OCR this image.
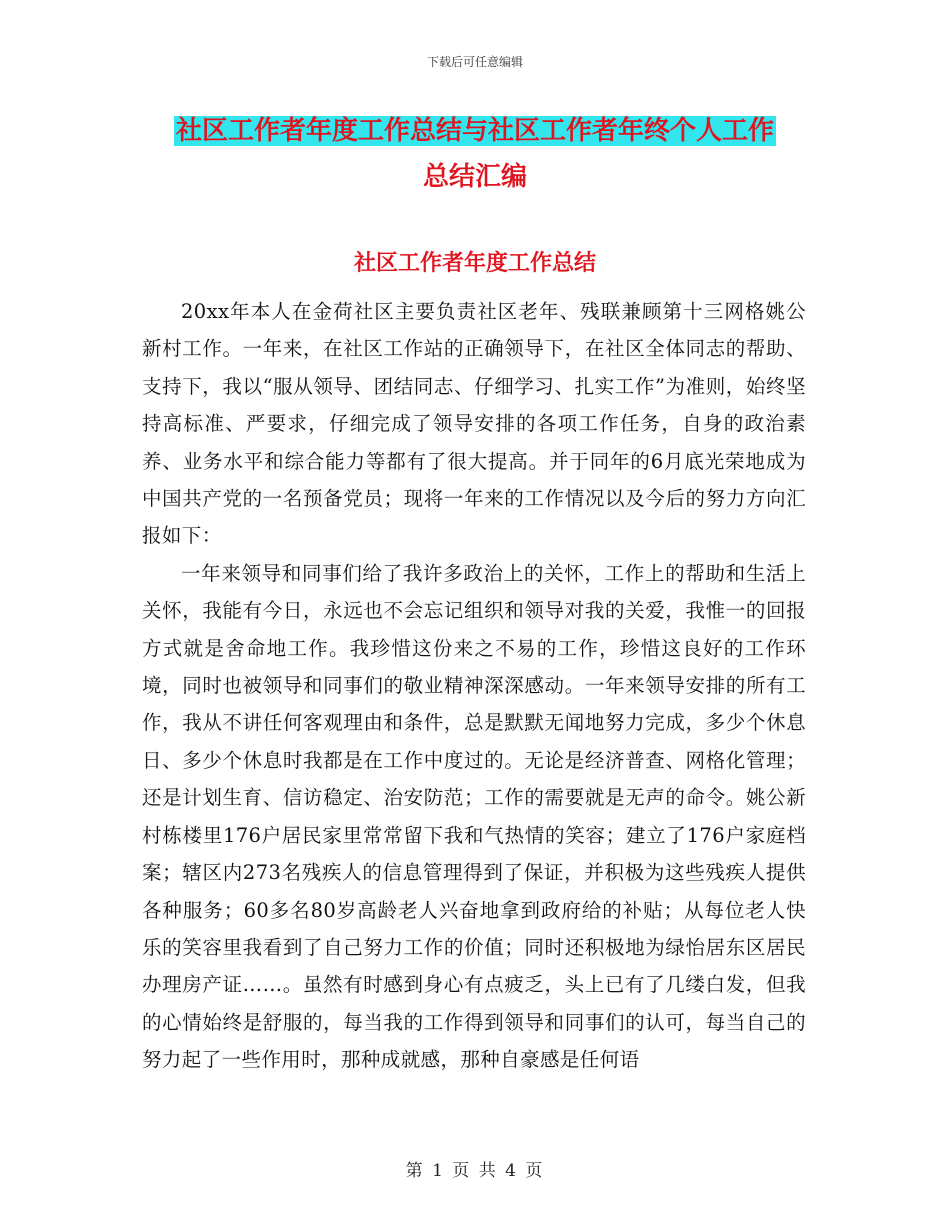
下载后可任意编辑
社区工作者年度工作总结与社区工作者年终个人工作
总结汇编
社区工作者年度工作总结

20xx年本人在金荷社区主要负责社区老年、残联兼顾第十三网格姚公新村工作。一年来，在社区工作站的正确领导下，在社区全体同志的帮助、支持下，我以“服从领导、团结同志、仔细学习、扎实工作”为准则，始终坚持高标准、严要求，仔细完成了领导安排的各项工作任务，自身的政治素养、业务水平和综合能力等都有了很大提高。并于同年的6月底光荣地成为中国共产党的一名预备党员；现将一年来的工作情况以及今后的努力方向汇报如下：

一年来领导和同事们给了我许多政治上的关怀，工作上的帮助和生活上关怀，我能有今日，永远也不会忘记组织和领导对我的关爱，我惟一的回报方式就是舍命地工作。我珍惜这份来之不易的工作，珍惜这良好的工作环境，同时也被领导和同事们的敬业精神深深感动。一年来领导安排的所有工作，我从不讲任何客观理由和条件，总是默默无闻地努力完成，多少个休息日、多少个休息时我都是在工作中度过的。无论是经济普查、网格化管理；还是计划生育、信访稳定、治安防范；工作的需要就是无声的命令。姚公新村栋楼里176户居民家里常常留下我和气热情的笑容；建立了176户家庭档案；辖区内273名残疾人的信息管理得到了保证，并积极为这些残疾人提供各种服务；60多名80岁高龄老人兴奋地拿到政府给的补贴；从每位老人快乐的笑容里我看到了自己努力工作的价值；同时还积极地为绿怡居东区居民办理房产证……。虽然有时感到身心有点疲乏，头上已有了几缕白发，但我的心情始终是舒服的，每当我的工作得到领导和同事们的认可，每当自己的努力起了一些作用时，那种成就感，那种自豪感是任何语

第 1 页 共 4 页
